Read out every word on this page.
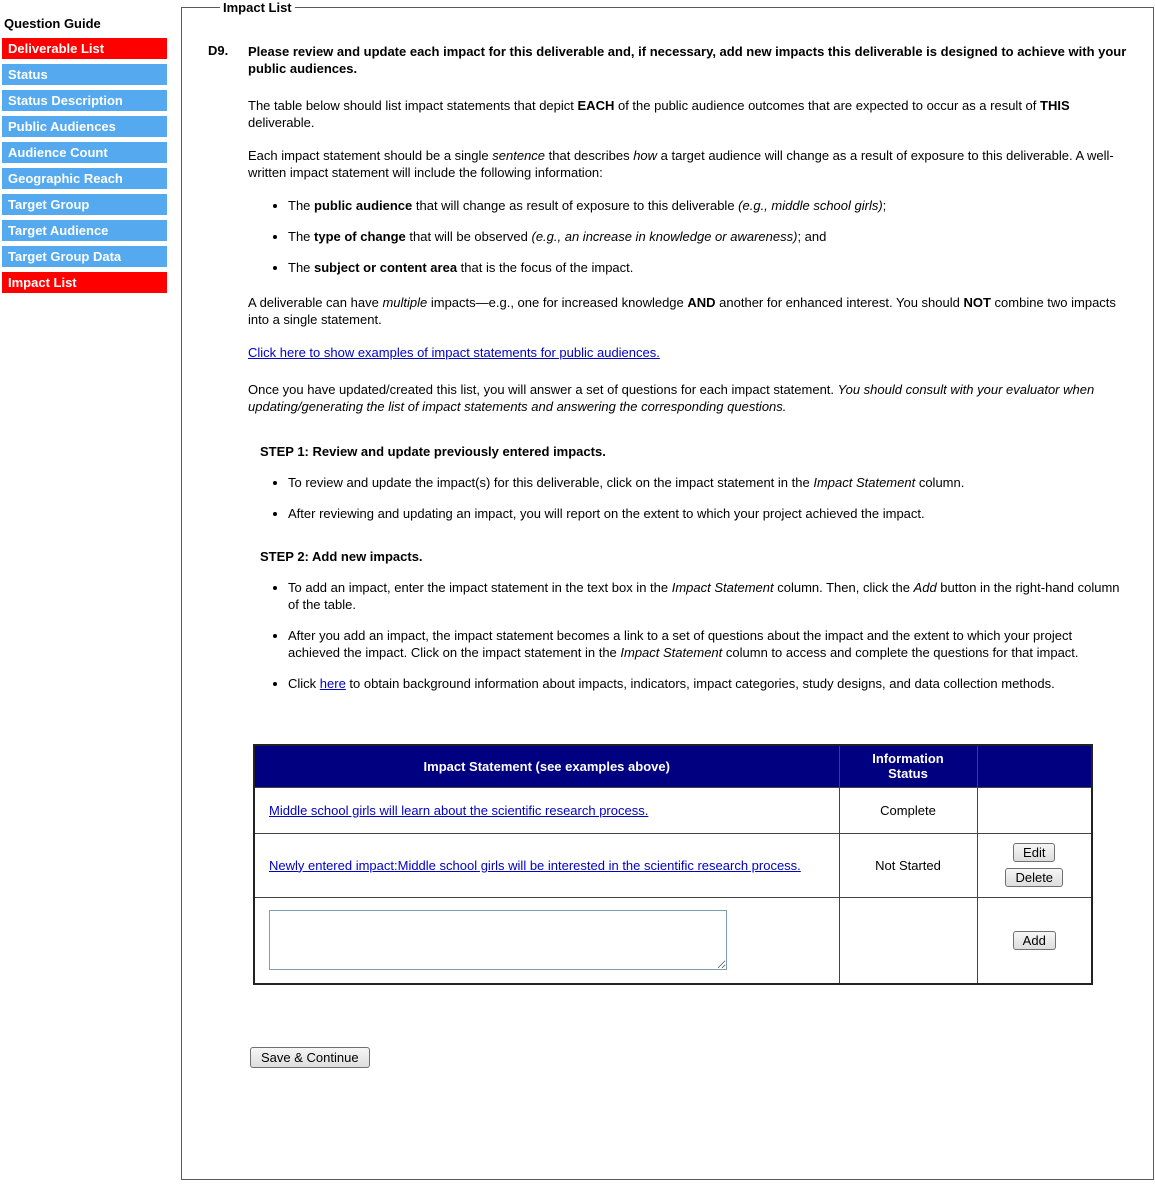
Question Guide
Deliverable List
Status
Status Description
Public Audiences
Audience Count
Geographic Reach
Target Group
Target Audience
Target Group Data
Impact List
Impact List
D9.	Please review and update each impact for this deliverable and, if necessary, add new impacts this deliverable is designed to achieve with your public audiences.

The table below should list impact statements that depict EACH of the public audience outcomes that are expected to occur as a result of THIS deliverable.

Each impact statement should be a single sentence that describes how a target audience will change as a result of exposure to this deliverable. A well-written impact statement will include the following information:

• The public audience that will change as result of exposure to this deliverable (e.g., middle school girls);
• The type of change that will be observed (e.g., an increase in knowledge or awareness); and
• The subject or content area that is the focus of the impact.

A deliverable can have multiple impacts—e.g., one for increased knowledge AND another for enhanced interest. You should NOT combine two impacts into a single statement.

Click here to show examples of impact statements for public audiences.

Once you have updated/created this list, you will answer a set of questions for each impact statement. You should consult with your evaluator when updating/generating the list of impact statements and answering the corresponding questions.

STEP 1: Review and update previously entered impacts.
• To review and update the impact(s) for this deliverable, click on the impact statement in the Impact Statement column.
• After reviewing and updating an impact, you will report on the extent to which your project achieved the impact.
STEP 2: Add new impacts.
• To add an impact, enter the impact statement in the text box in the Impact Statement column. Then, click the Add button in the right-hand column of the table.
• After you add an impact, the impact statement becomes a link to a set of questions about the impact and the extent to which your project achieved the impact. Click on the impact statement in the Impact Statement column to access and complete the questions for that impact.
• Click here to obtain background information about impacts, indicators, impact categories, study designs, and data collection methods.
Impact Statement (see examples above)	Information Status	
Middle school girls will learn about the scientific research process.	Complete	
Newly entered impact:Middle school girls will be interested in the scientific research process.	Not Started	Edit
Delete

		Add
Save & Continue
